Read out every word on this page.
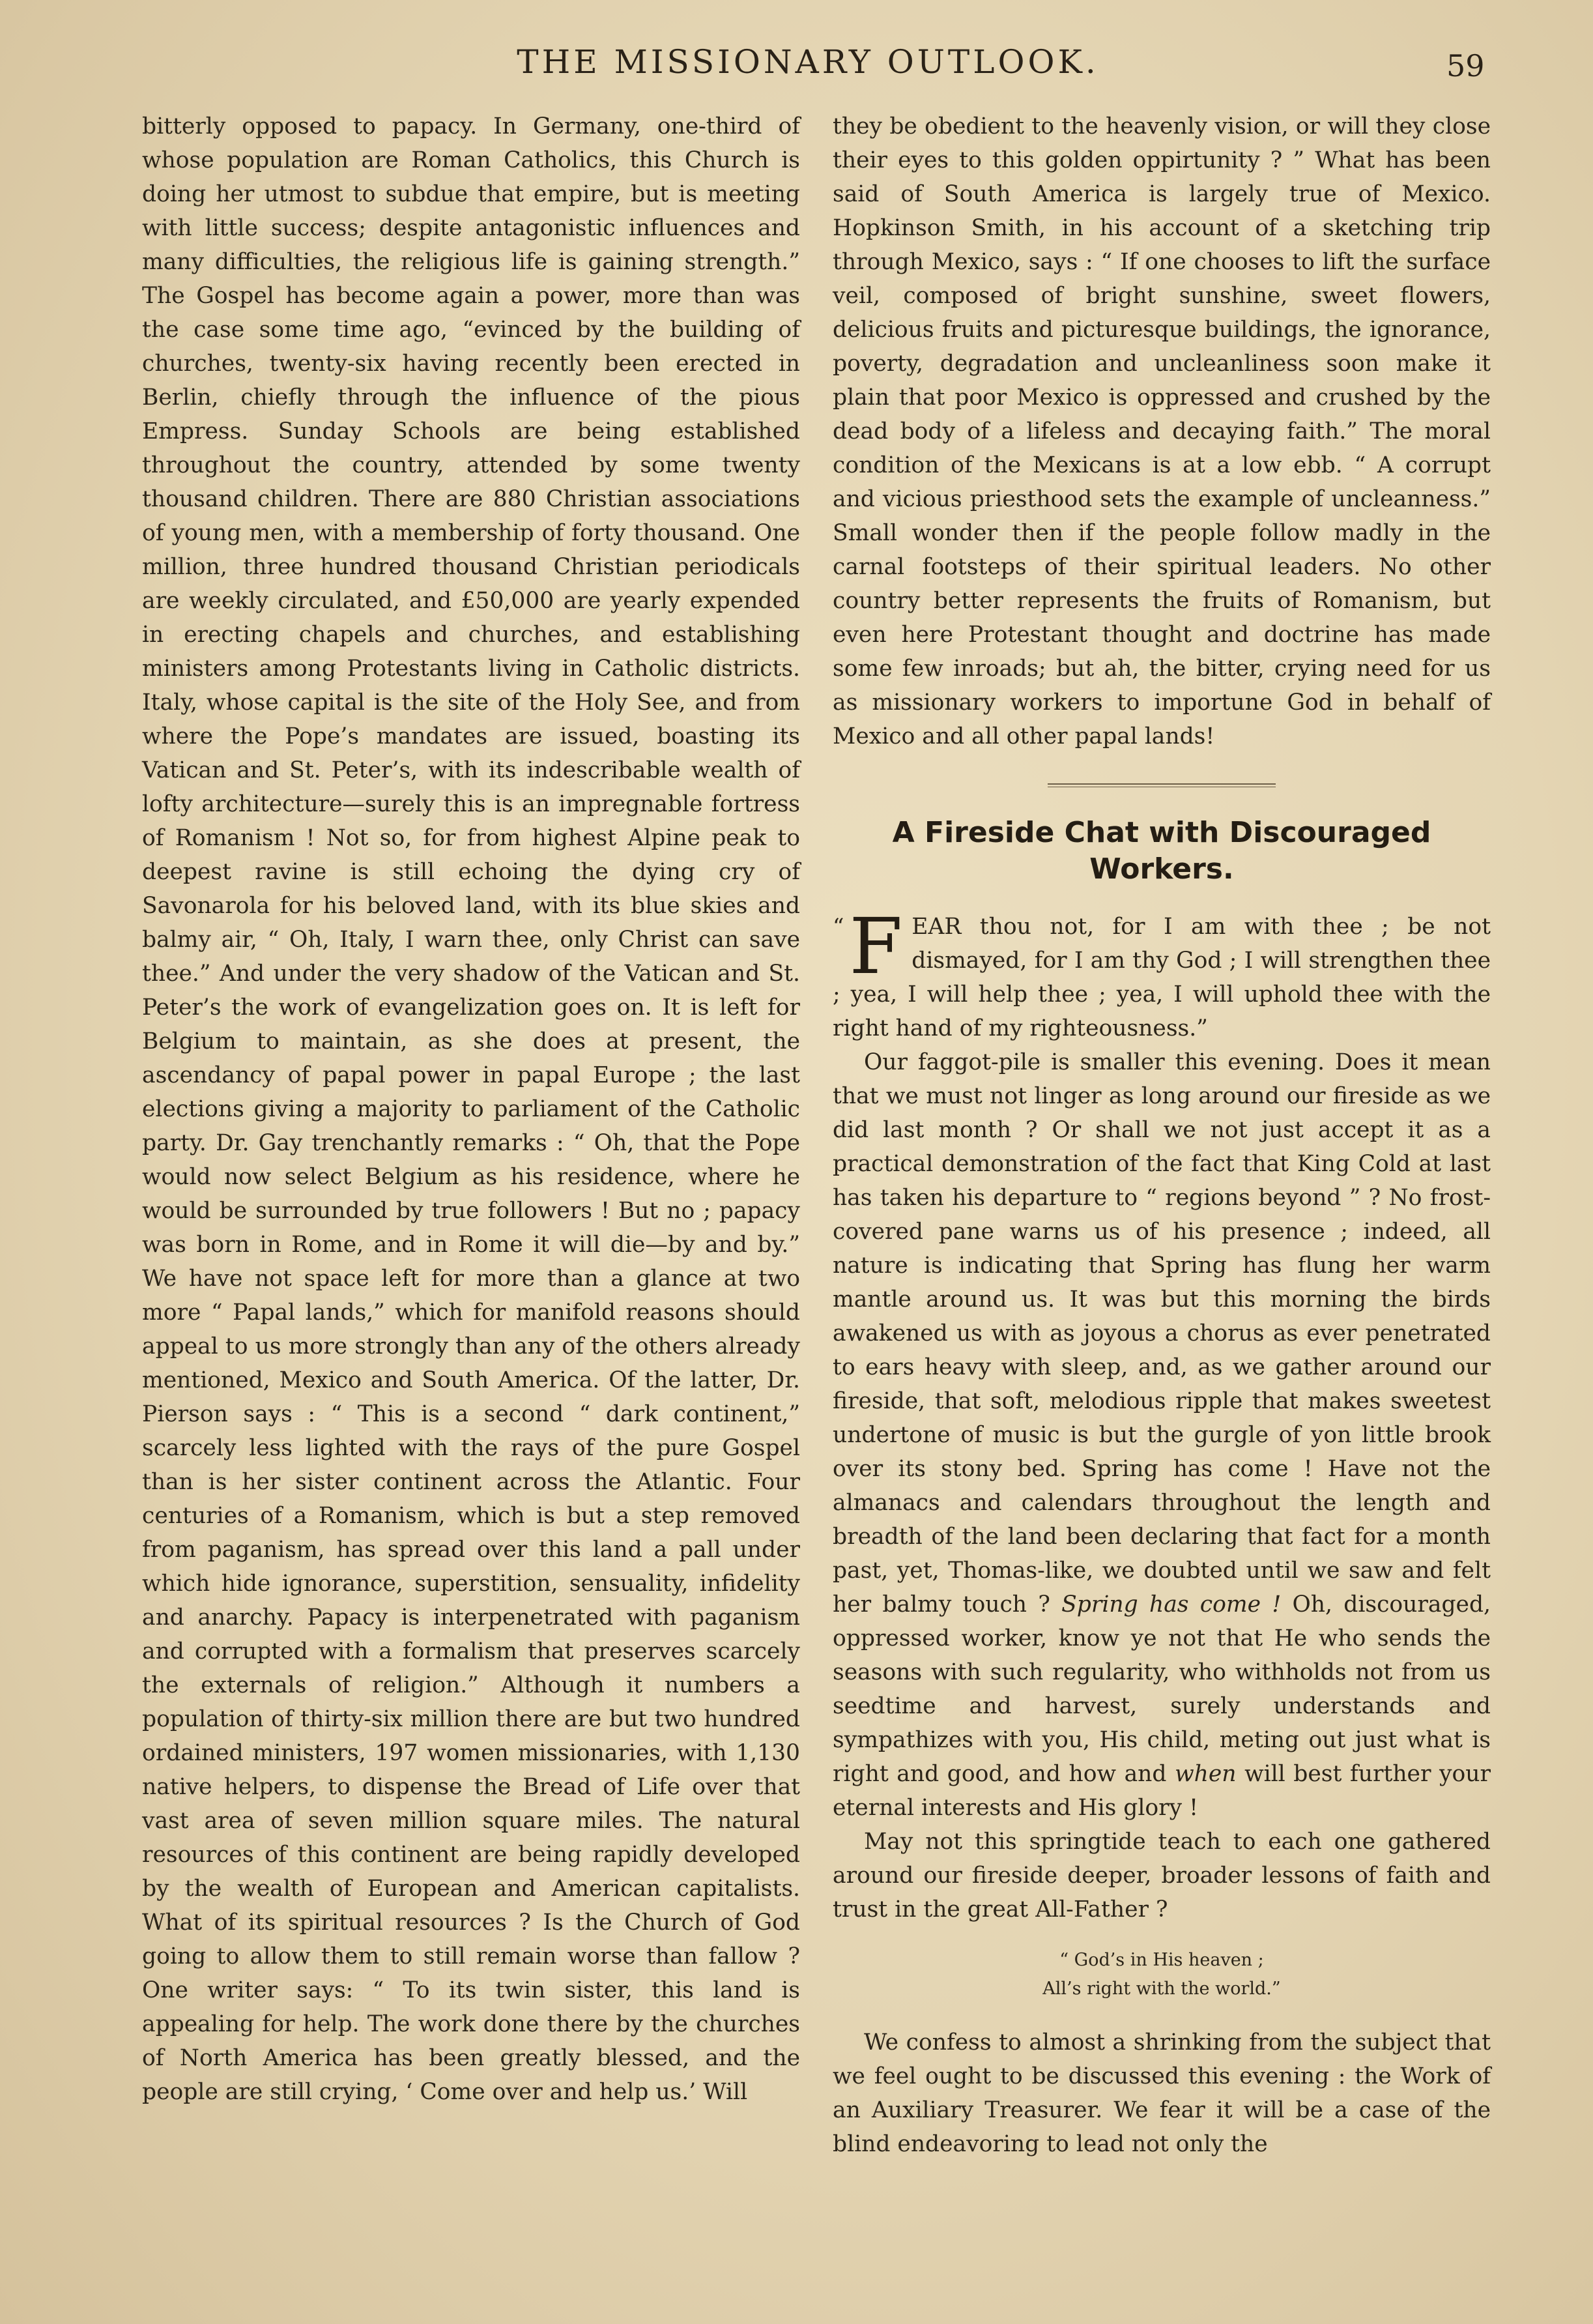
THE MISSIONARY OUTLOOK.	59

bitterly opposed to papacy. In Germany, one-third of whose population are Roman Catholics, this Church is doing her utmost to subdue that empire, but is meeting with little success; despite antagonistic influences and many difficulties, the religious life is gaining strength.” The Gospel has become again a power, more than was the case some time ago, “evinced by the building of churches, twenty-six having recently been erected in Berlin, chiefly through the influence of the pious Empress. Sunday Schools are being established throughout the country, attended by some twenty thousand children. There are 880 Christian associations of young men, with a membership of forty thousand. One million, three hundred thousand Christian periodicals are weekly circulated, and £50,000 are yearly expended in erecting chapels and churches, and establishing ministers among Protestants living in Catholic districts. Italy, whose capital is the site of the Holy See, and from where the Pope’s mandates are issued, boasting its Vatican and St. Peter’s, with its indescribable wealth of lofty architecture—surely this is an impregnable fortress of Romanism ! Not so, for from highest Alpine peak to deepest ravine is still echoing the dying cry of Savonarola for his beloved land, with its blue skies and balmy air, “ Oh, Italy, I warn thee, only Christ can save thee.” And under the very shadow of the Vatican and St. Peter’s the work of evangelization goes on. It is left for Belgium to maintain, as she does at present, the ascendancy of papal power in papal Europe ; the last elections giving a majority to parliament of the Catholic party. Dr. Gay trenchantly remarks : “ Oh, that the Pope would now select Belgium as his residence, where he would be surrounded by true followers ! But no ; papacy was born in Rome, and in Rome it will die—by and by.” We have not space left for more than a glance at two more “ Papal lands,” which for manifold reasons should appeal to us more strongly than any of the others already mentioned, Mexico and South America. Of the latter, Dr. Pierson says : “ This is a second “ dark continent,” scarcely less lighted with the rays of the pure Gospel than is her sister continent across the Atlantic. Four centuries of a Romanism, which is but a step removed from paganism, has spread over this land a pall under which hide ignorance, superstition, sensuality, infidelity and anarchy. Papacy is interpenetrated with paganism and corrupted with a formalism that preserves scarcely the externals of religion.” Although it numbers a population of thirty-six million there are but two hundred ordained ministers, 197 women missionaries, with 1,130 native helpers, to dispense the Bread of Life over that vast area of seven million square miles. The natural resources of this continent are being rapidly developed by the wealth of European and American capitalists. What of its spiritual resources ? Is the Church of God going to allow them to still remain worse than fallow ? One writer says: “ To its twin sister, this land is appealing for help. The work done there by the churches of North America has been greatly blessed, and the people are still crying, ‘ Come over and help us.’ Will

they be obedient to the heavenly vision, or will they close their eyes to this golden oppirtunity ? ” What has been said of South America is largely true of Mexico. Hopkinson Smith, in his account of a sketching trip through Mexico, says : “ If one chooses to lift the surface veil, composed of bright sunshine, sweet flowers, delicious fruits and picturesque buildings, the ignorance, poverty, degradation and uncleanliness soon make it plain that poor Mexico is oppressed and crushed by the dead body of a lifeless and decaying faith.” The moral condition of the Mexicans is at a low ebb. “ A corrupt and vicious priesthood sets the example of uncleanness.” Small wonder then if the people follow madly in the carnal footsteps of their spiritual leaders. No other country better represents the fruits of Romanism, but even here Protestant thought and doctrine has made some few inroads; but ah, the bitter, crying need for us as missionary workers to importune God in behalf of Mexico and all other papal lands!

A Fireside Chat with Discouraged Workers.

“ F EAR thou not, for I am with thee ; be not dismayed, for I am thy God ; I will strengthen thee ; yea, I will help thee ; yea, I will uphold thee with the right hand of my righteousness.”

Our faggot-pile is smaller this evening. Does it mean that we must not linger as long around our fireside as we did last month ? Or shall we not just accept it as a practical demonstration of the fact that King Cold at last has taken his departure to “ regions beyond ” ? No frost-covered pane warns us of his presence ; indeed, all nature is indicating that Spring has flung her warm mantle around us. It was but this morning the birds awakened us with as joyous a chorus as ever penetrated to ears heavy with sleep, and, as we gather around our fireside, that soft, melodious ripple that makes sweetest undertone of music is but the gurgle of yon little brook over its stony bed. Spring has come ! Have not the almanacs and calendars throughout the length and breadth of the land been declaring that fact for a month past, yet, Thomas-like, we doubted until we saw and felt her balmy touch ? Spring has come ! Oh, discouraged, oppressed worker, know ye not that He who sends the seasons with such regularity, who withholds not from us seedtime and harvest, surely understands and sympathizes with you, His child, meting out just what is right and good, and how and when will best further your eternal interests and His glory !

May not this springtide teach to each one gathered around our fireside deeper, broader lessons of faith and trust in the great All-Father ?

“ God’s in His heaven ;
All’s right with the world.”

We confess to almost a shrinking from the subject that we feel ought to be discussed this evening : the Work of an Auxiliary Treasurer. We fear it will be a case of the blind endeavoring to lead not only the
